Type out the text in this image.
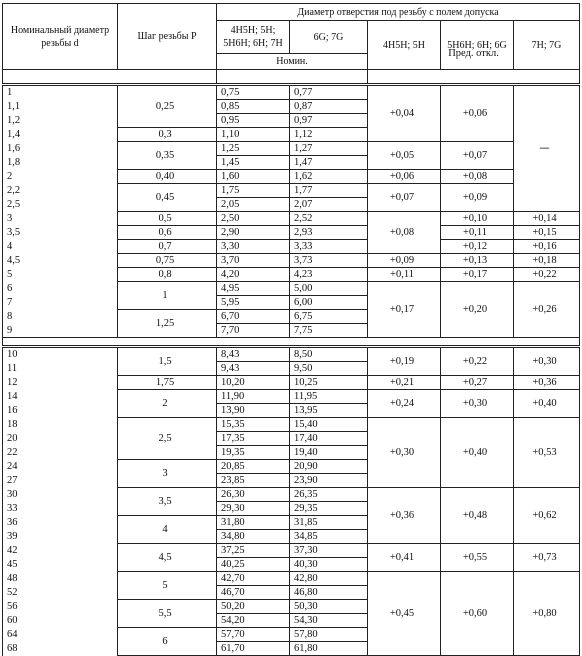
Номинальный диаметр резьбы d	Шаг резьбы P	Диаметр отверстия под резьбу с полем допуска				
		4H5H; 5H; 5H6H; 6H; 7H	6G; 7G	4H5H; 5H	5H6H; 6H; 6G	7H; 7G
		Номин.				

				Пред. откл.		

1	0,25	0,75	0,77	+0,04	+0,06	—
1,1		0,85	0,87			
1,2		0,95	0,97			
1,4	0,3	1,10	1,12			
1,6	0,35	1,25	1,27	+0,05	+0,07	
1,8		1,45	1,47			
2	0,40	1,60	1,62	+0,06	+0,08	
2,2	0,45	1,75	1,77	+0,07	+0,09	
2,5		2,05	2,07			
3	0,5	2,50	2,52	+0,08	+0,10	+0,14
3,5	0,6	2,90	2,93		+0,11	+0,15
4	0,7	3,30	3,33		+0,12	+0,16
4,5	0,75	3,70	3,73	+0,09	+0,13	+0,18
5	0,8	4,20	4,23	+0,11	+0,17	+0,22
6	1	4,95	5,00	+0,17	+0,20	+0,26
7		5,95	6,00			
8	1,25	6,70	6,75			
9		7,70	7,75			

10	1,5	8,43	8,50	+0,19	+0,22	+0,30
11		9,43	9,50			
12	1,75	10,20	10,25	+0,21	+0,27	+0,36
14	2	11,90	11,95	+0,24	+0,30	+0,40
16		13,90	13,95			
18	2,5	15,35	15,40	+0,30	+0,40	+0,53
20		17,35	17,40			
22		19,35	19,40			
24	3	20,85	20,90			
27		23,85	23,90			
30	3,5	26,30	26,35	+0,36	+0,48	+0,62
33		29,30	29,35			
36	4	31,80	31,85			
39		34,80	34,85			
42	4,5	37,25	37,30	+0,41	+0,55	+0,73
45		40,25	40,30			
48	5	42,70	42,80	+0,45	+0,60	+0,80
52		46,70	46,80			
56	5,5	50,20	50,30			
60		54,20	54,30			
64	6	57,70	57,80			
68		61,70	61,80			
